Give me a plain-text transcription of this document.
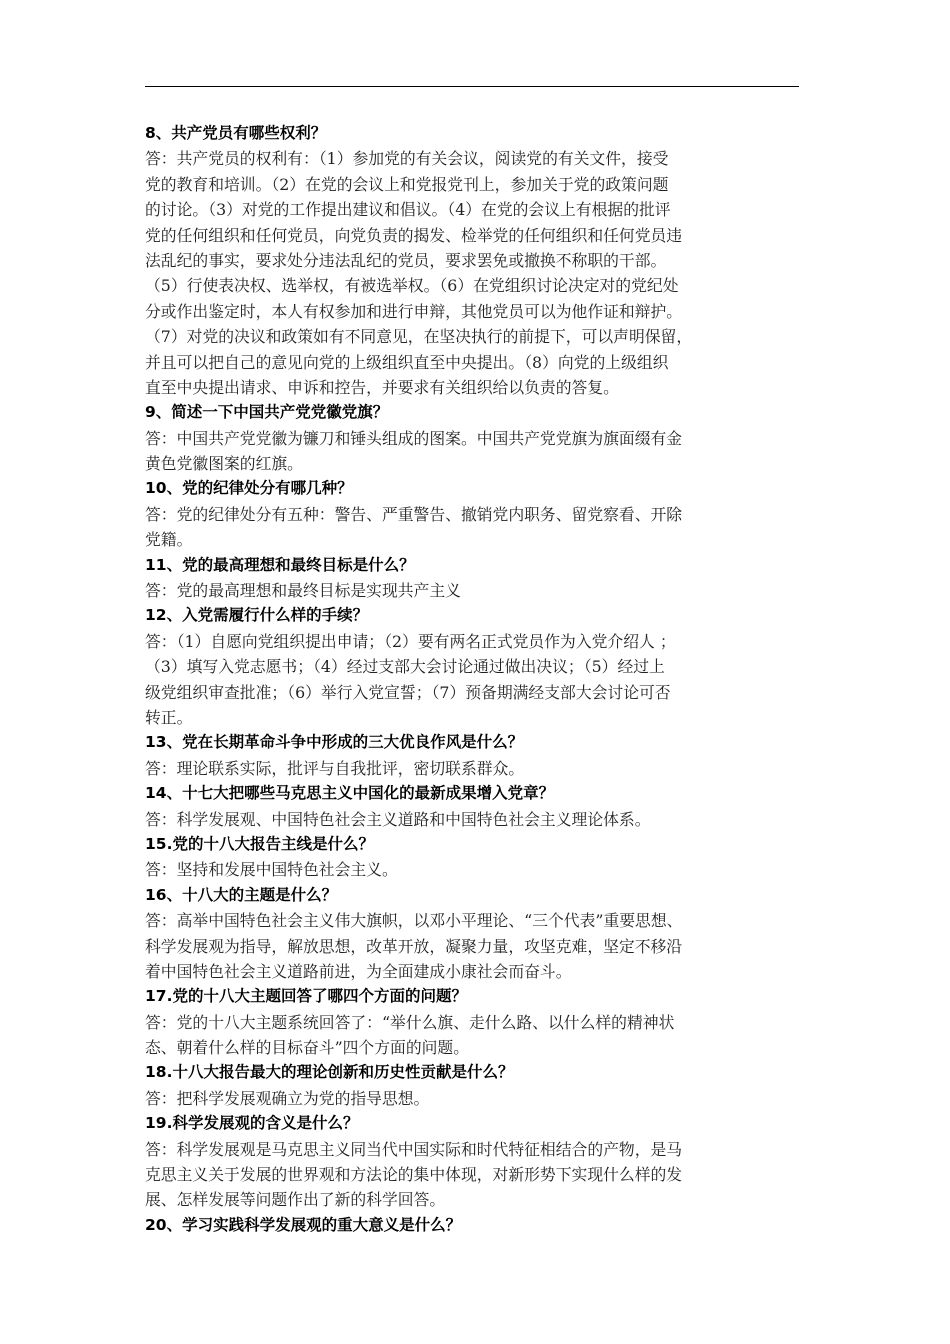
8、共产党员有哪些权利？
答：共产党员的权利有：（1）参加党的有关会议，阅读党的有关文件，接受
党的教育和培训。（2）在党的会议上和党报党刊上，参加关于党的政策问题
的讨论。（3）对党的工作提出建议和倡议。（4）在党的会议上有根据的批评
党的任何组织和任何党员，向党负责的揭发、检举党的任何组织和任何党员违
法乱纪的事实，要求处分违法乱纪的党员，要求罢免或撤换不称职的干部。
（5）行使表决权、选举权，有被选举权。（6）在党组织讨论决定对的党纪处
分或作出鉴定时，本人有权参加和进行申辩，其他党员可以为他作证和辩护。
（7）对党的决议和政策如有不同意见，在坚决执行的前提下，可以声明保留，
并且可以把自己的意见向党的上级组织直至中央提出。（8）向党的上级组织
直至中央提出请求、申诉和控告，并要求有关组织给以负责的答复。
9、简述一下中国共产党党徽党旗？
答：中国共产党党徽为镰刀和锤头组成的图案。中国共产党党旗为旗面缀有金
黄色党徽图案的红旗。
10、党的纪律处分有哪几种？
答：党的纪律处分有五种：警告、严重警告、撤销党内职务、留党察看、开除
党籍。
11、党的最高理想和最终目标是什么？
答：党的最高理想和最终目标是实现共产主义
12、入党需履行什么样的手续？
答：（1）自愿向党组织提出申请；（2）要有两名正式党员作为入党介绍人 ；
（3）填写入党志愿书；（4）经过支部大会讨论通过做出决议；（5）经过上
级党组织审查批准；（6）举行入党宣誓；（7）预备期满经支部大会讨论可否
转正。
13、党在长期革命斗争中形成的三大优良作风是什么？
答：理论联系实际，批评与自我批评，密切联系群众。
14、十七大把哪些马克思主义中国化的最新成果增入党章？
答：科学发展观、中国特色社会主义道路和中国特色社会主义理论体系。
15.党的十八大报告主线是什么？
答：坚持和发展中国特色社会主义。
16、十八大的主题是什么？
答：高举中国特色社会主义伟大旗帜，以邓小平理论、“三个代表”重要思想、
科学发展观为指导，解放思想，改革开放，凝聚力量，攻坚克难，坚定不移沿
着中国特色社会主义道路前进，为全面建成小康社会而奋斗。
17.党的十八大主题回答了哪四个方面的问题？
答：党的十八大主题系统回答了：“举什么旗、走什么路、以什么样的精神状
态、朝着什么样的目标奋斗”四个方面的问题。
18.十八大报告最大的理论创新和历史性贡献是什么？
答：把科学发展观确立为党的指导思想。
19.科学发展观的含义是什么？
答：科学发展观是马克思主义同当代中国实际和时代特征相结合的产物，是马
克思主义关于发展的世界观和方法论的集中体现，对新形势下实现什么样的发
展、怎样发展等问题作出了新的科学回答。
20、学习实践科学发展观的重大意义是什么？
